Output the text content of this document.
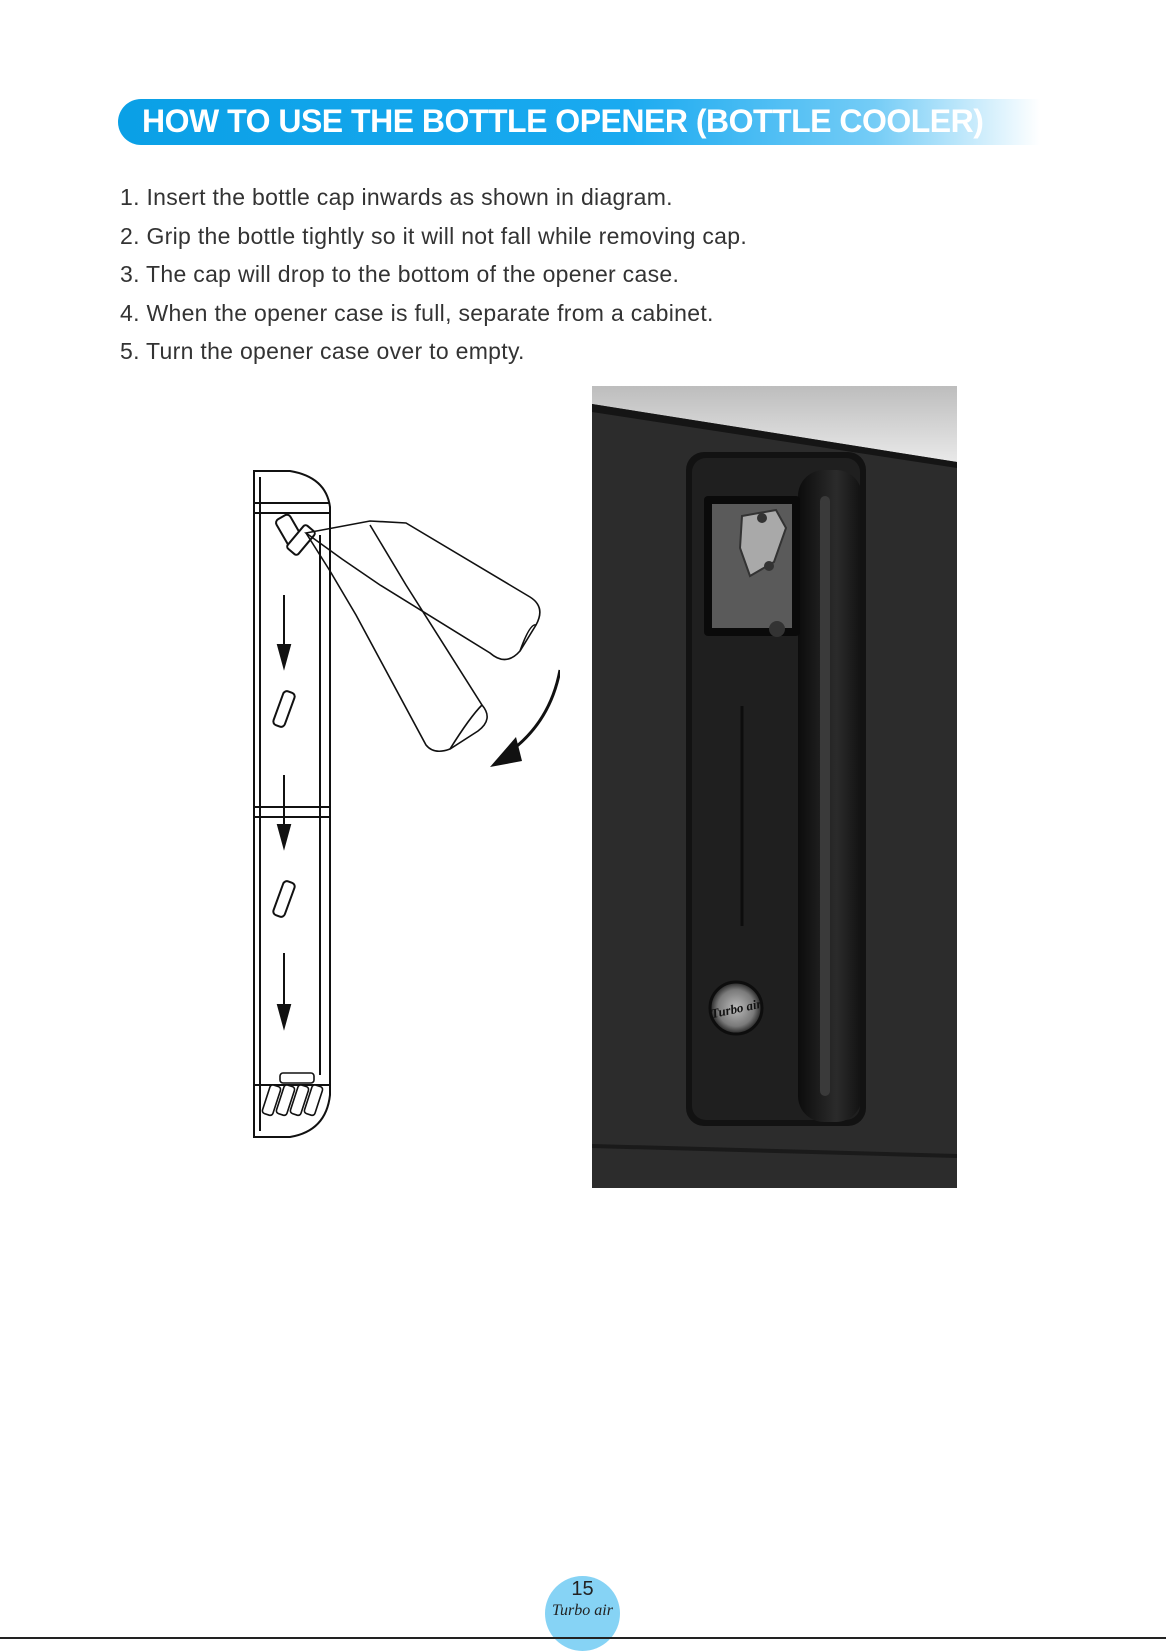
HOW TO USE THE BOTTLE OPENER (BOTTLE COOLER)
1. Insert the bottle cap inwards as shown in diagram.
2. Grip the bottle tightly so it will not fall while removing cap.
3. The cap will drop to the bottom of the opener case.
4. When the opener case is full, separate from a cabinet.
5. Turn the opener case over to empty.
Turbo air
15
Turbo air
